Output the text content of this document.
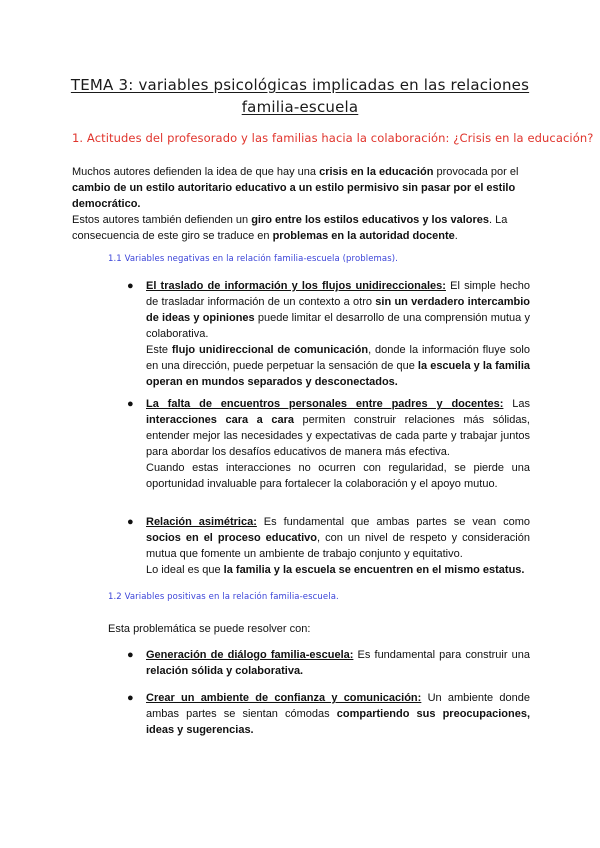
TEMA 3: variables psicológicas implicadas en las relaciones
familia-escuela
1. Actitudes del profesorado y las familias hacia la colaboración: ¿Crisis en la educación?
Muchos autores defienden la idea de que hay una crisis en la educación provocada por el cambio de un estilo autoritario educativo a un estilo permisivo sin pasar por el estilo democrático.
Estos autores también defienden un giro entre los estilos educativos y los valores. La consecuencia de este giro se traduce en problemas en la autoridad docente.
1.1 Variables negativas en la relación familia-escuela (problemas).
● El traslado de información y los flujos unidireccionales: El simple hecho de trasladar información de un contexto a otro sin un verdadero intercambio de ideas y opiniones puede limitar el desarrollo de una comprensión mutua y colaborativa.
Este flujo unidireccional de comunicación, donde la información fluye solo en una dirección, puede perpetuar la sensación de que la escuela y la familia operan en mundos separados y desconectados.
● La falta de encuentros personales entre padres y docentes: Las interacciones cara a cara permiten construir relaciones más sólidas, entender mejor las necesidades y expectativas de cada parte y trabajar juntos para abordar los desafíos educativos de manera más efectiva.
Cuando estas interacciones no ocurren con regularidad, se pierde una oportunidad invaluable para fortalecer la colaboración y el apoyo mutuo.
● Relación asimétrica: Es fundamental que ambas partes se vean como socios en el proceso educativo, con un nivel de respeto y consideración mutua que fomente un ambiente de trabajo conjunto y equitativo.
Lo ideal es que la familia y la escuela se encuentren en el mismo estatus.
1.2 Variables positivas en la relación familia-escuela.
Esta problemática se puede resolver con:
● Generación de diálogo familia-escuela: Es fundamental para construir una relación sólida y colaborativa.
● Crear un ambiente de confianza y comunicación: Un ambiente donde ambas partes se sientan cómodas compartiendo sus preocupaciones, ideas y sugerencias.
